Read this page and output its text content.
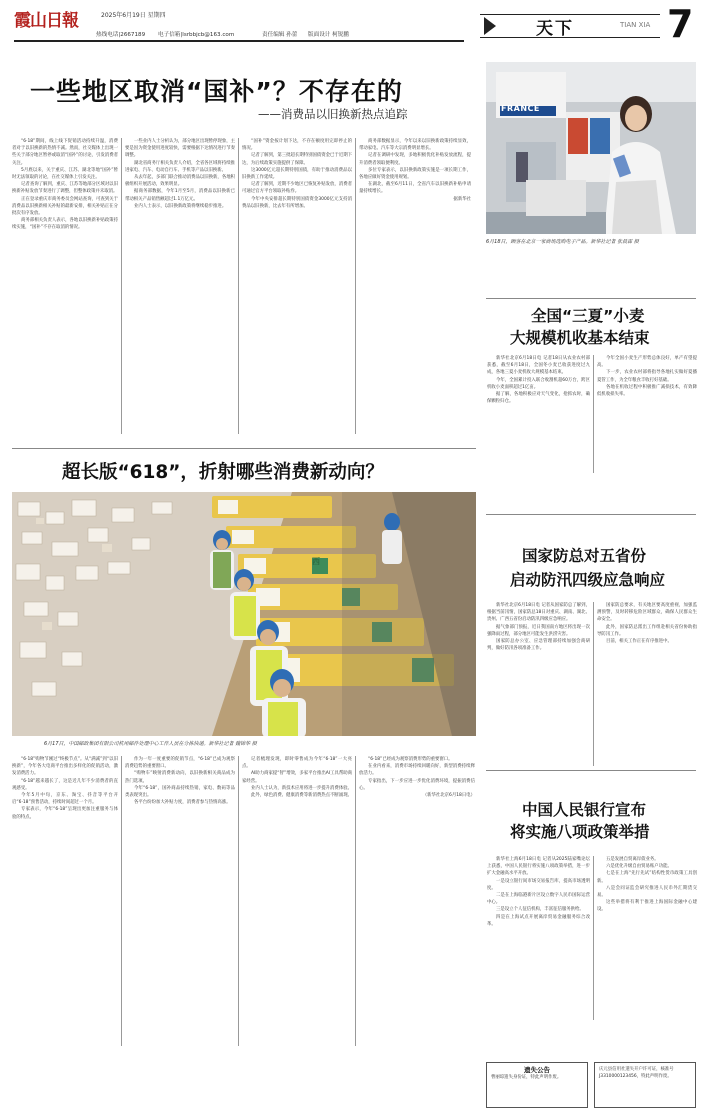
霞山日報	2025年6月19日 星期四
热线电话|2667189 电子信箱|lsrbbjcb@163.com	责任编辑 孙蕾 版面设计 柯锐鹏	天下	TIAN XIA 7
一些地区取消“国补”？不存在的
——消费品以旧换新热点追踪

“6·18”期间，线上线下促销活动持续升温，消费者对于以旧换新的热情不减。然而，社交媒体上出现一些关于部分地区暂停或取消“国补”的讨论，引发消费者关注。

5月底以来，关于重庆、江苏、湖北等地“国补”暂时无法领取的讨论，在社交媒体上引发关注。

记者查询了解到，重庆、江苏等地部分区域对以旧换新补贴发放节奏进行了调整，但整体政策并未取消。

正在登录重庆市商务委员会网站查询，可查到关于消费品以旧换新相关补贴的最新安排，相关补贴正在分批次有序发放。

商务部相关负责人表示，各地以旧换新补贴政策持续实施，“国补”不存在取消的情况。

一些业内人士分析认为，部分地区出现暂停现象，主要是因为资金使用进度较快，需要根据下达情况进行节奏调整。

湖北省商务厅相关负责人介绍，全省各区域将持续推进家电、汽车、电动自行车、手机等产品以旧换新。

从去年起，多部门联合推动消费品以旧换新，各地积极组织开展活动，效果明显。

据商务部数据，今年1月至5月，消费品以旧换新已带动相关产品销售额超过1.1万亿元。

业内人士表示，以旧换新政策将继续稳步推进。

“国补”资金按计划下达，不存在额度用完即停止的情况。

记者了解到，第三批超长期特别国债资金已于近期下达，为后续政策实施提供了保障。

这3000亿元超长期特别国债，有助于推动消费品以旧换新工作延续。

记者了解到，近期不少地区已恢复补贴发放，消费者可通过官方平台领取补贴券。

今年中央安排超长期特别国债资金3000亿元支持消费品以旧换新，比去年有所增加。

商务部数据显示，今年以来以旧换新政策持续显效，带动家电、汽车等大宗消费明显增长。

记者在调研中发现，多地积极优化补贴发放流程，提升消费者领取便利度。

多位专家表示，以旧换新政策实施是一项长期工作，各地应做好资金使用规划。

在湖北，截至6月11日，全省汽车以旧换新补贴申请量持续增长。

据新华社

FRANCE
6月18日，顾客在北京一家商场选购电子产品。新华社记者 张晨霖 摄
全国“三夏”小麦
大规模机收基本结束

新华社北京6月18日电 记者18日从农业农村部获悉，截至6月18日，全国冬小麦已收获进度过九成，各地三夏小麦机收大规模基本结束。

今年，全国累计投入联合收割机超60万台，跨区机收小麦面积超过1亿亩。

据了解，各地积极应对天气变化，抢抓农时，确保颗粒归仓。

今年全国小麦生产形势总体良好，单产有望提高。

下一步，农业农村部将指导各地扎实做好夏播夏管工作，为全年粮食丰收打好基础。

各地在机收过程中积极推广减损技术，有效降低机收损失率。

国家防总对五省份
启动防汛四级应急响应

新华社北京6月18日电 记者从国家防总了解到，根据当前汛情，国家防总18日对重庆、湖南、湖北、贵州、广西五省份启动防汛四级应急响应。

据气象部门预报，近日我国南方地区将出现一次强降雨过程，部分地区可能发生洪涝灾害。

国家防总办公室、应急管理部持续加强会商研判，做好防汛各项准备工作。

国家防总要求，有关地区要高度重视，加强监测预警，及时转移危险区域群众，确保人民群众生命安全。

此外，国家防总派出工作组赴相关省份协助指导防汛工作。

目前，相关工作正在有序推进中。

中国人民银行宣布
将实施八项政策举措

新华社上海6月18日电 记者从2025陆家嘴论坛上获悉，中国人民银行将实施八项政策举措，进一步扩大金融高水平开放。

一是设立银行间市场交易报告库，提高市场透明度。

二是在上海临港新片区设立数字人民币国际运营中心。

三是设立个人征信机构，丰富征信服务供给。

四是在上海试点开展离岸贸易金融服务综合改革。

五是发展自贸离岸债业务。

六是优化升级自由贸易账户功能。

七是在上海“先行先试”结构性货币政策工具创新。

八是会同证监会研究推进人民币外汇期货交易。

这些举措将有利于推进上海国际金融中心建设。

超长版“618”，折射哪些消费新动向？
西
6月17日，中国邮政集团有限公司杭州邮件处理中心工作人员在分拣快递。新华社记者 魏锦华 摄

“6·18”购物节刚过“终极节点”。从“满减”到“以旧换新”，今年各大电商平台推出多样化的促销活动，激发消费活力。

“6·18”越来越长了，这是近几年不少消费者的直观感受。

今年5月中旬，京东、淘宝、抖音等平台开启“6·18”预售活动，持续时间超过一个月。

专家表示，今年“6·18”呈现出更加注重服务与体验的特点。

作为一年一度重要的促销节点，“6·18”已成为观察消费趋势的重要窗口。

“购物车”映射消费新动向，以旧换新相关商品成为热门选项。

今年“6·18”，国补商品持续热销，家电、数码等品类表现突出。

各平台纷纷加大补贴力度，消费者参与热情高涨。

记者梳理发现，即时零售成为今年“6·18”一大亮点。

AI助力商家提“智”增效，多家平台推出AI工具帮助商家经营。

业内人士认为，新技术应用将进一步提升消费体验。

此外，绿色消费、健康消费等新消费热点不断涌现。

“6·18”已经成为观察消费形势的重要窗口。

在业内看来，消费市场持续回暖向好，新型消费持续释放活力。

专家指出，下一步应进一步优化消费环境，提振消费信心。

（新华社北京6月18日电）

遗失公告
曹丽琼遗失身份证，特此声明作废。
庆元县信用社遗失开户许可证，核准号J3310000123456，特此声明作废。
